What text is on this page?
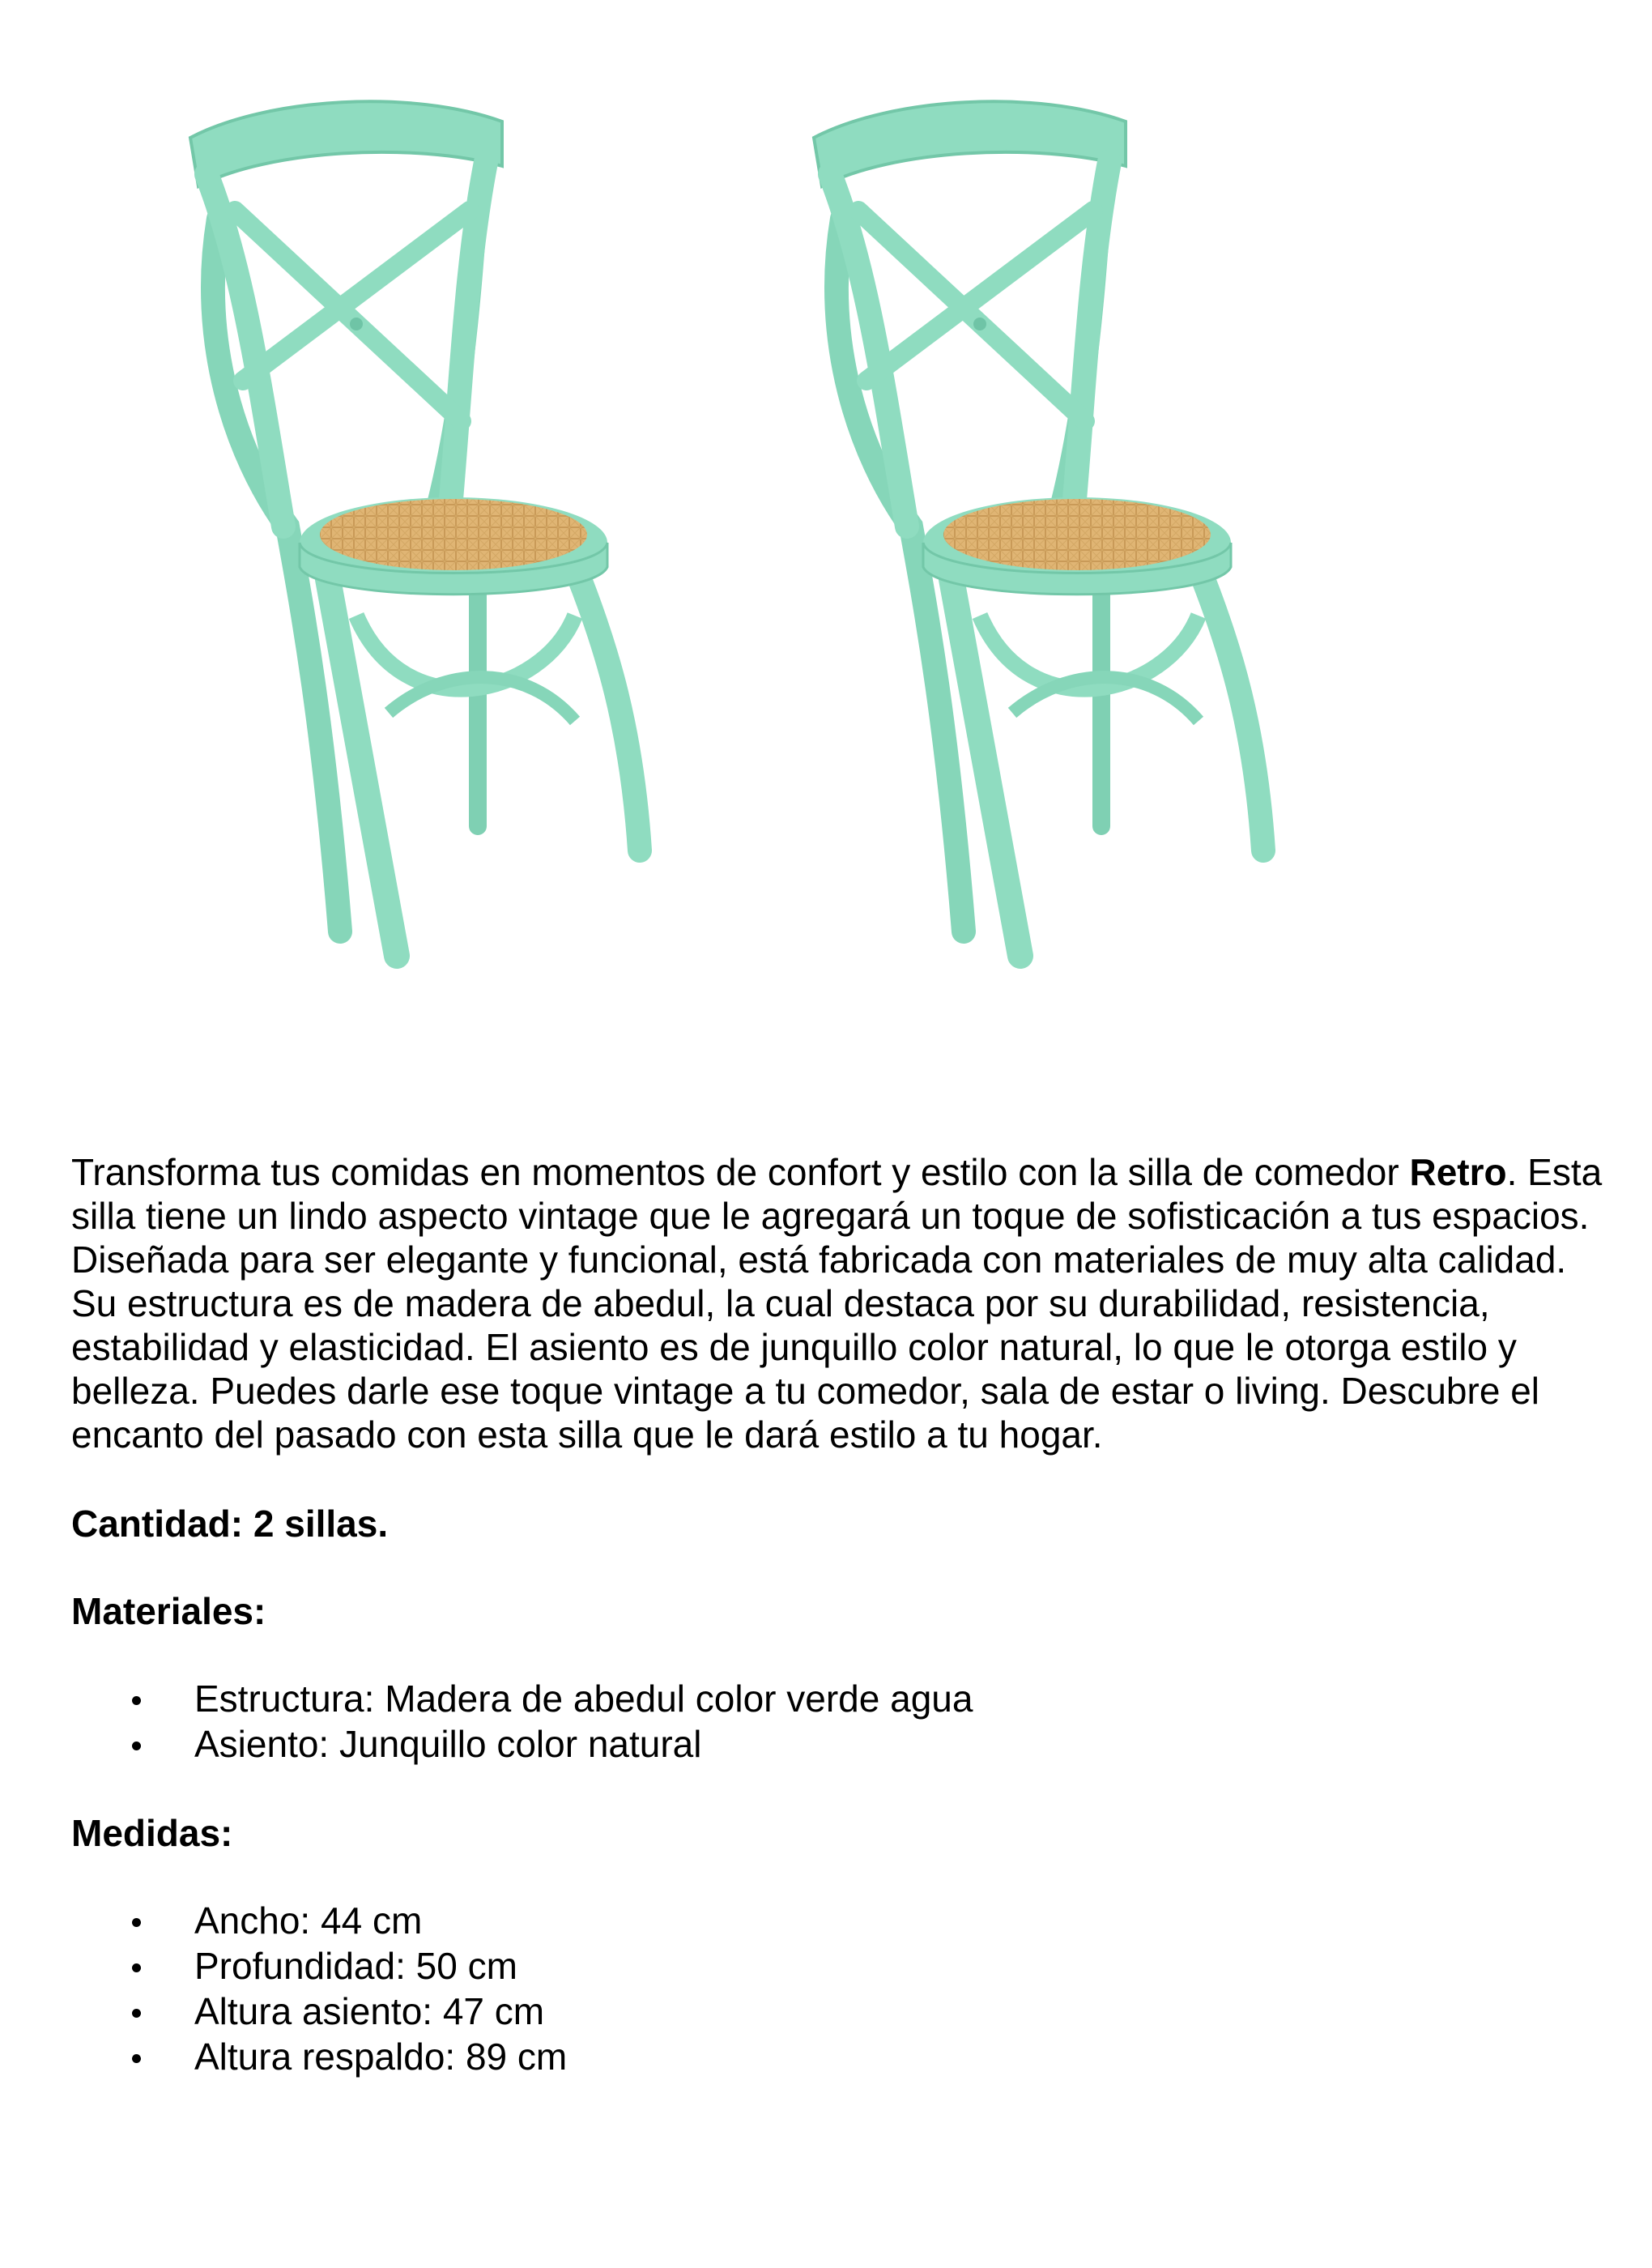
Transforma tus comidas en momentos de confort y estilo con la silla de comedor Retro. Esta silla tiene un lindo aspecto vintage que le agregará un toque de sofisticación a tus espacios. Diseñada para ser elegante y funcional, está fabricada con materiales de muy alta calidad. Su estructura es de madera de abedul, la cual destaca por su durabilidad, resistencia, estabilidad y elasticidad. El asiento es de junquillo color natural, lo que le otorga estilo y belleza. Puedes darle ese toque vintage a tu comedor, sala de estar o living. Descubre el encanto del pasado con esta silla que le dará estilo a tu hogar.

Cantidad: 2 sillas.

Materiales:

Estructura: Madera de abedul color verde agua
Asiento: Junquillo color natural

Medidas:

Ancho: 44 cm
Profundidad: 50 cm
Altura asiento: 47 cm
Altura respaldo: 89 cm
